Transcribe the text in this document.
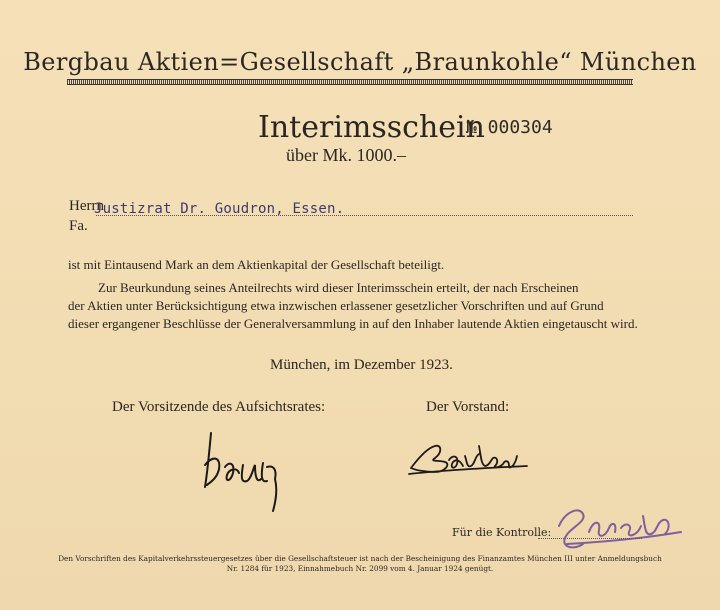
Bergbau Aktien=Gesellschaft „Braunkohle“ München
Interimsschein
№ 000304
über Mk. 1000.–
Herrn
Fa.
Justizrat Dr. Goudron, Essen.
ist mit Eintausend Mark an dem Aktienkapital der Gesellschaft beteiligt.
Zur Beurkundung seines Anteilrechts wird dieser Interimsschein erteilt, der nach Erscheinen
der Aktien unter Berücksichtigung etwa inzwischen erlassener gesetzlicher Vorschriften und auf Grund
dieser ergangener Beschlüsse der Generalversammlung in auf den Inhaber lautende Aktien eingetauscht wird.
München, im Dezember 1923.
Der Vorsitzende des Aufsichtsrates:	Der Vorstand:
Für die Kontrolle:
Den Vorschriften des Kapitalverkehrssteuergesetzes über die Gesellschaftsteuer ist nach der Bescheinigung des Finanzamtes München III unter Anmeldungsbuch
Nr. 1284 für 1923, Einnahmebuch Nr. 2099 vom 4. Januar 1924 genügt.
